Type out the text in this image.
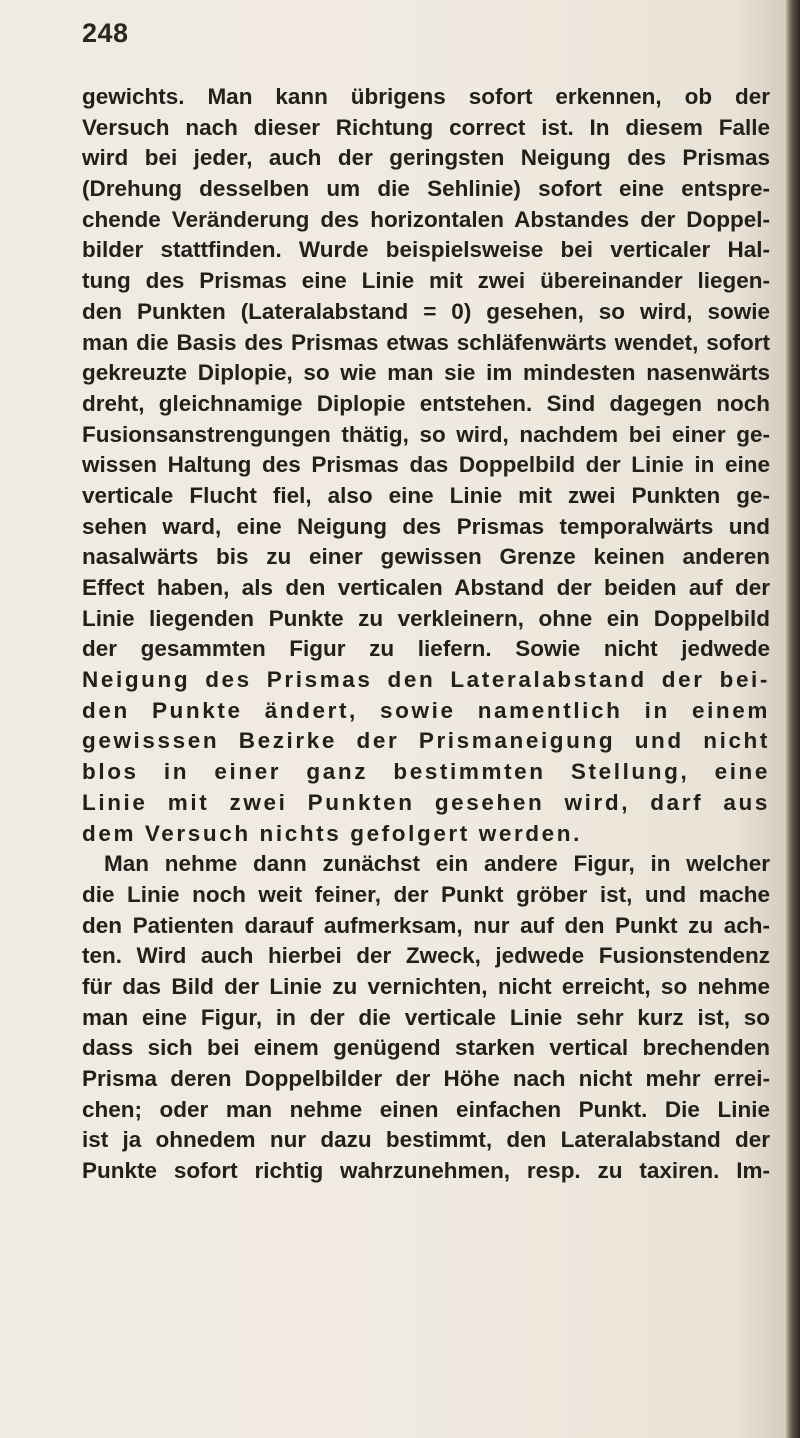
248
gewichts. Man kann übrigens sofort erkennen, ob der
Versuch nach dieser Richtung correct ist. In diesem Falle
wird bei jeder, auch der geringsten Neigung des Prismas
(Drehung desselben um die Sehlinie) sofort eine entspre-
chende Veränderung des horizontalen Abstandes der Doppel-
bilder stattfinden. Wurde beispielsweise bei verticaler Hal-
tung des Prismas eine Linie mit zwei übereinander liegen-
den Punkten (Lateralabstand = 0) gesehen, so wird, sowie
man die Basis des Prismas etwas schläfenwärts wendet, sofort
gekreuzte Diplopie, so wie man sie im mindesten nasenwärts
dreht, gleichnamige Diplopie entstehen. Sind dagegen noch
Fusionsanstrengungen thätig, so wird, nachdem bei einer ge-
wissen Haltung des Prismas das Doppelbild der Linie in eine
verticale Flucht fiel, also eine Linie mit zwei Punkten ge-
sehen ward, eine Neigung des Prismas temporalwärts und
nasalwärts bis zu einer gewissen Grenze keinen anderen
Effect haben, als den verticalen Abstand der beiden auf der
Linie liegenden Punkte zu verkleinern, ohne ein Doppelbild
der gesammten Figur zu liefern. Sowie nicht jedwede
Neigung des Prismas den Lateralabstand der bei-
den Punkte ändert, sowie namentlich in einem
gewisssen Bezirke der Prismaneigung und nicht
blos in einer ganz bestimmten Stellung, eine
Linie mit zwei Punkten gesehen wird, darf aus
dem Versuch nichts gefolgert werden.
Man nehme dann zunächst ein andere Figur, in welcher
die Linie noch weit feiner, der Punkt gröber ist, und mache
den Patienten darauf aufmerksam, nur auf den Punkt zu ach-
ten. Wird auch hierbei der Zweck, jedwede Fusionstendenz
für das Bild der Linie zu vernichten, nicht erreicht, so nehme
man eine Figur, in der die verticale Linie sehr kurz ist, so
dass sich bei einem genügend starken vertical brechenden
Prisma deren Doppelbilder der Höhe nach nicht mehr errei-
chen; oder man nehme einen einfachen Punkt. Die Linie
ist ja ohnedem nur dazu bestimmt, den Lateralabstand der
Punkte sofort richtig wahrzunehmen, resp. zu taxiren. Im-
